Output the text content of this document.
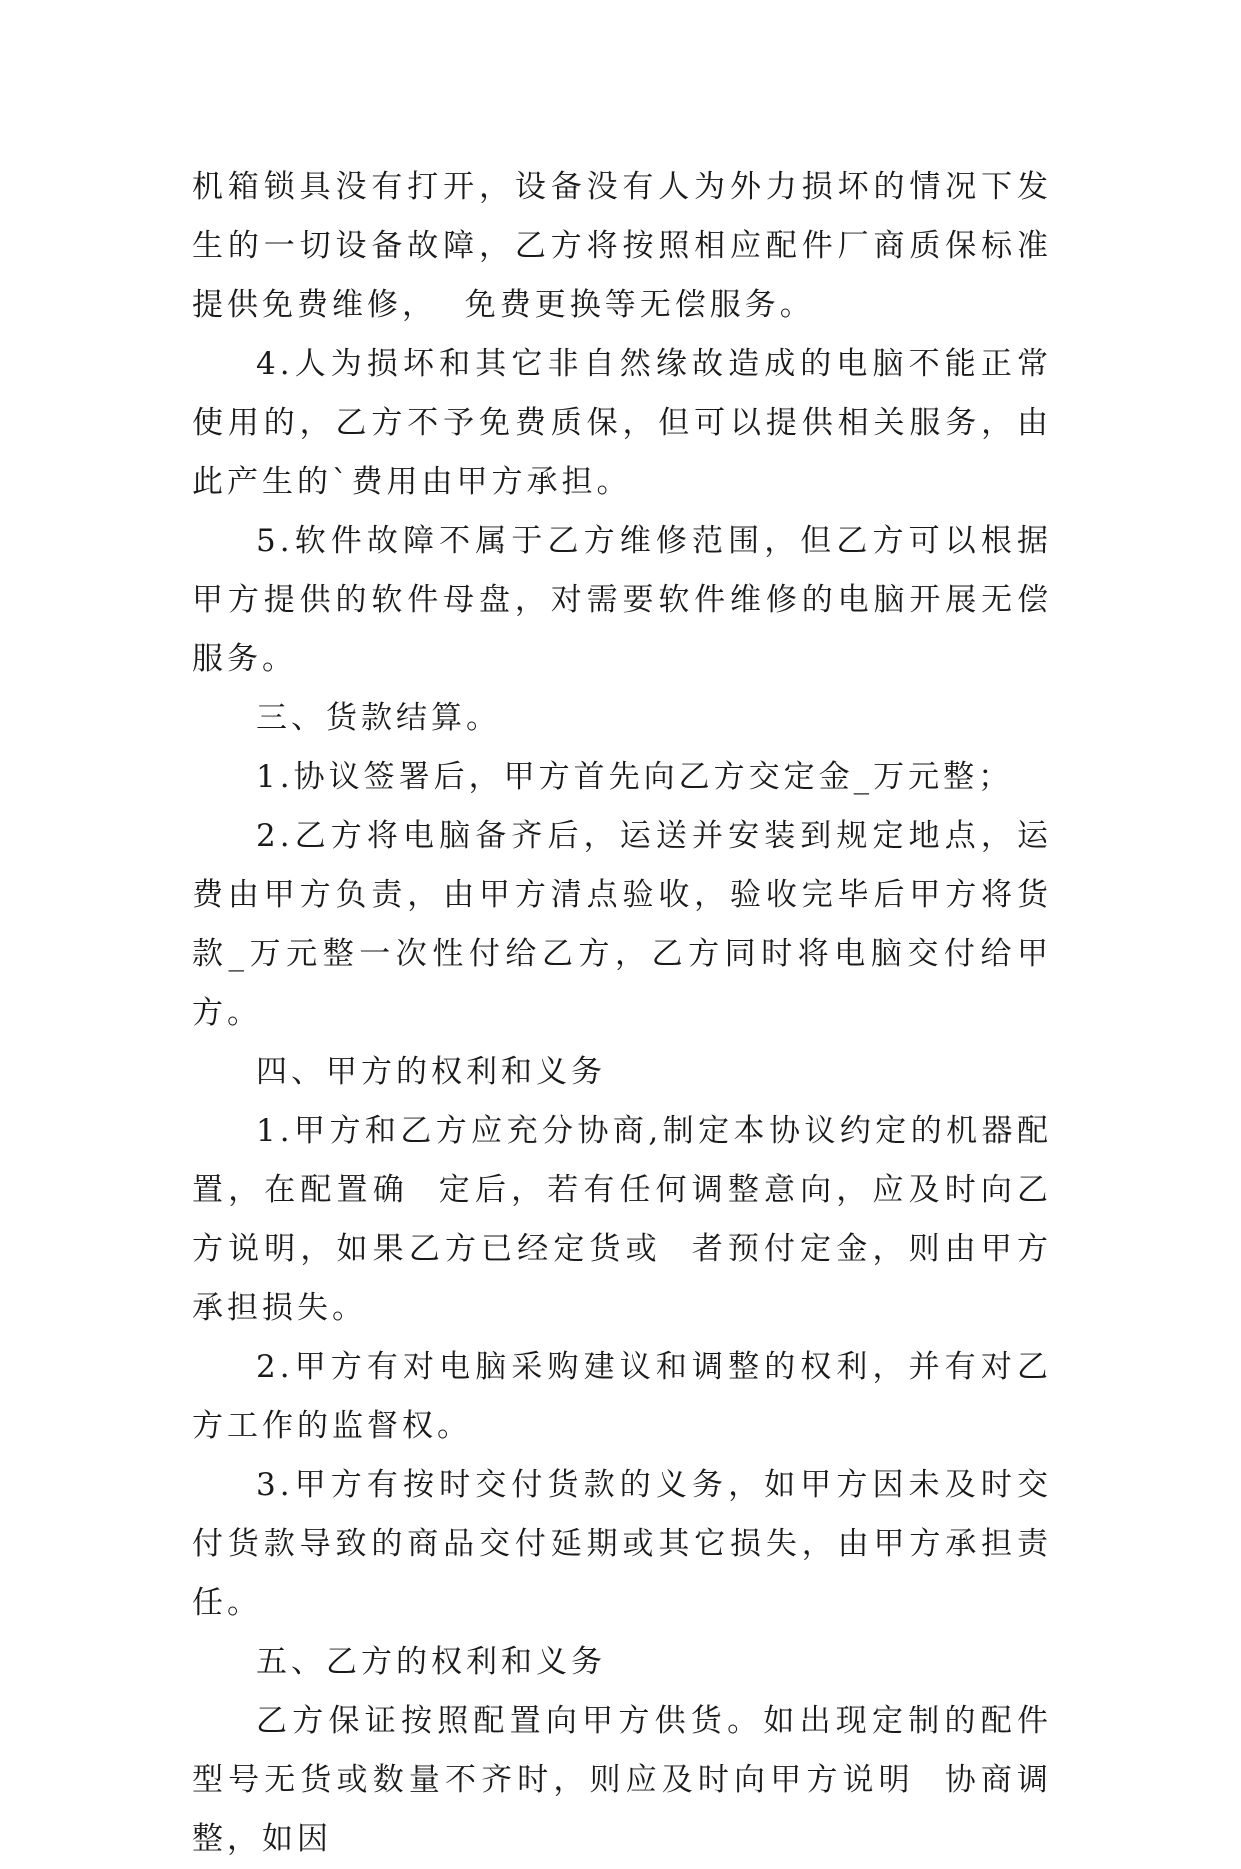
机箱锁具没有打开，设备没有人为外力损坏的情况下发生的一切设备故障，乙方将按照相应配件厂商质保标准提供免费维修，  免费更换等无偿服务。
4.人为损坏和其它非自然缘故造成的电脑不能正常使用的，乙方不予免费质保，但可以提供相关服务，由此产生的`费用由甲方承担。
5.软件故障不属于乙方维修范围，但乙方可以根据甲方提供的软件母盘，对需要软件维修的电脑开展无偿服务。
三、货款结算。
1.协议签署后，甲方首先向乙方交定金_万元整；
2.乙方将电脑备齐后，运送并安装到规定地点，运费由甲方负责，由甲方清点验收，验收完毕后甲方将货款_万元整一次性付给乙方，乙方同时将电脑交付给甲方。
四、甲方的权利和义务
1.甲方和乙方应充分协商,制定本协议约定的机器配置，在配置确  定后，若有任何调整意向，应及时向乙方说明，如果乙方已经定货或  者预付定金，则由甲方承担损失。
2.甲方有对电脑采购建议和调整的权利，并有对乙方工作的监督权。
3.甲方有按时交付货款的义务，如甲方因未及时交付货款导致的商品交付延期或其它损失，由甲方承担责任。
五、乙方的权利和义务
乙方保证按照配置向甲方供货。如出现定制的配件型号无货或数量不齐时，则应及时向甲方说明  协商调整，如因
